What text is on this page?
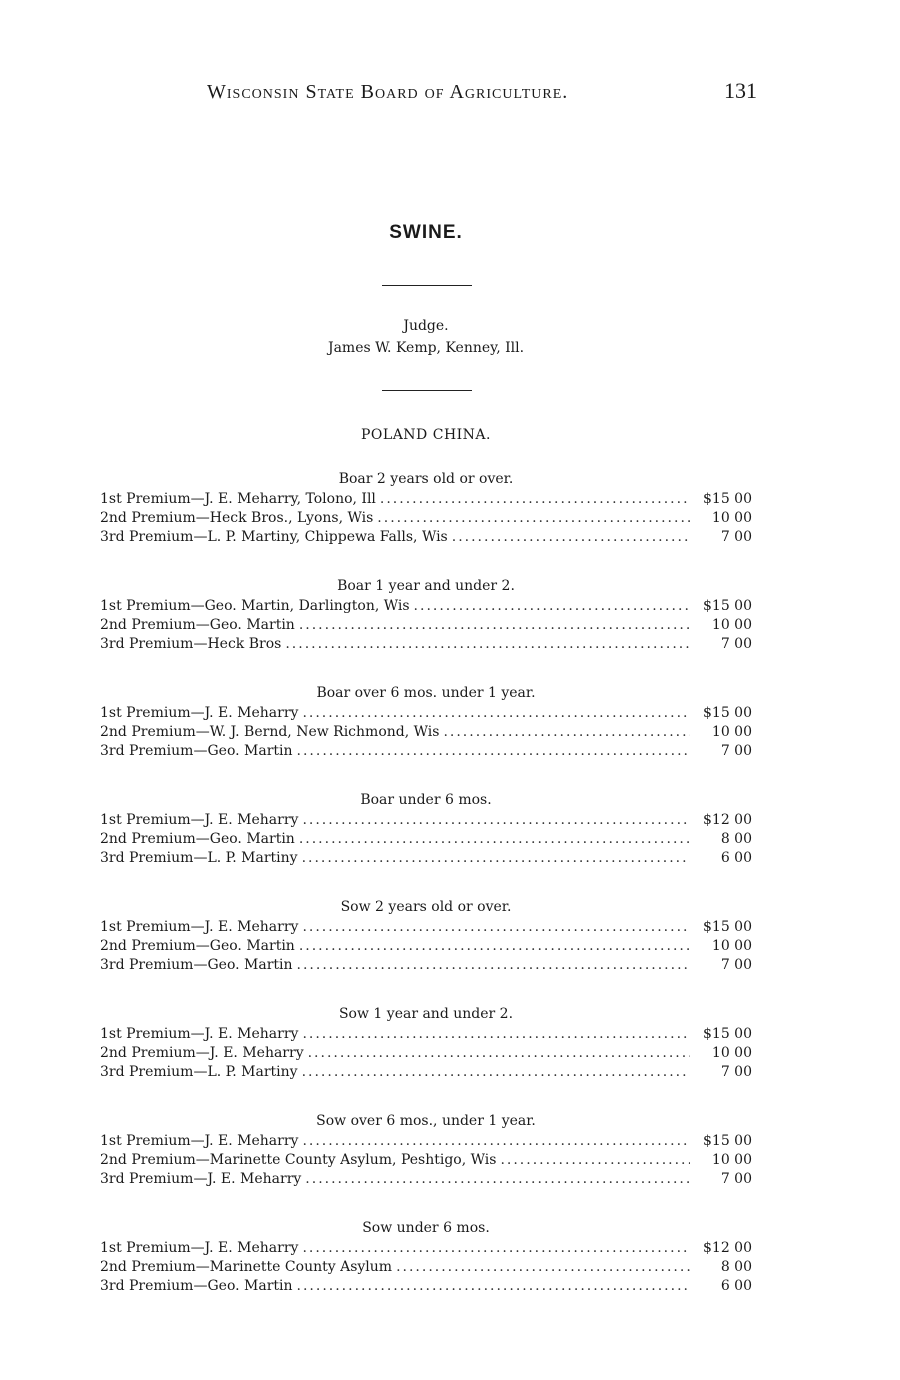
Wisconsin State Board of Agriculture.	131
SWINE.
Judge.
James W. Kemp, Kenney, Ill.
POLAND CHINA.
Boar 2 years old or over.
1st Premium — J. E. Meharry, Tolono, Ill .....	$15 00
2nd Premium — Heck Bros., Lyons, Wis .....	10 00
3rd Premium — L. P. Martiny, Chippewa Falls, Wis .....	7 00
Boar 1 year and under 2.
1st Premium — Geo. Martin, Darlington, Wis .....	$15 00
2nd Premium — Geo. Martin .....	10 00
3rd Premium — Heck Bros .....	7 00
Boar over 6 mos. under 1 year.
1st Premium — J. E. Meharry .....	$15 00
2nd Premium — W. J. Bernd, New Richmond, Wis .....	10 00
3rd Premium — Geo. Martin .....	7 00
Boar under 6 mos.
1st Premium — J. E. Meharry .....	$12 00
2nd Premium — Geo. Martin .....	8 00
3rd Premium — L. P. Martiny .....	6 00
Sow 2 years old or over.
1st Premium — J. E. Meharry .....	$15 00
2nd Premium — Geo. Martin .....	10 00
3rd Premium — Geo. Martin .....	7 00
Sow 1 year and under 2.
1st Premium — J. E. Meharry .....	$15 00
2nd Premium — J. E. Meharry .....	10 00
3rd Premium — L. P. Martiny .....	7 00
Sow over 6 mos., under 1 year.
1st Premium — J. E. Meharry .....	$15 00
2nd Premium — Marinette County Asylum, Peshtigo, Wis .....	10 00
3rd Premium — J. E. Meharry .....	7 00
Sow under 6 mos.
1st Premium — J. E. Meharry .....	$12 00
2nd Premium — Marinette County Asylum .....	8 00
3rd Premium — Geo. Martin .....	6 00
